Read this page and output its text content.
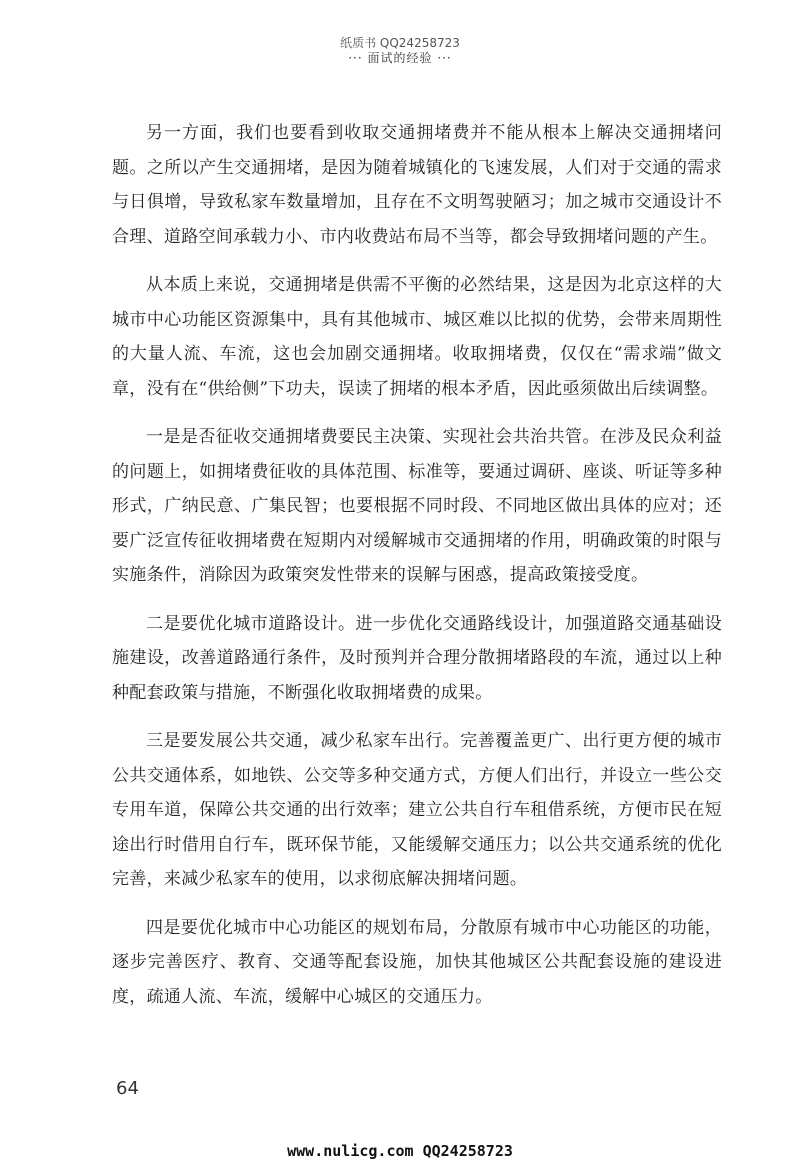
纸质书 QQ24258723
··· 面试的经验 ···

另一方面，我们也要看到收取交通拥堵费并不能从根本上解决交通拥堵问题。之所以产生交通拥堵，是因为随着城镇化的飞速发展，人们对于交通的需求与日俱增，导致私家车数量增加，且存在不文明驾驶陋习；加之城市交通设计不合理、道路空间承载力小、市内收费站布局不当等，都会导致拥堵问题的产生。

从本质上来说，交通拥堵是供需不平衡的必然结果，这是因为北京这样的大城市中心功能区资源集中，具有其他城市、城区难以比拟的优势，会带来周期性的大量人流、车流，这也会加剧交通拥堵。收取拥堵费，仅仅在“需求端”做文章，没有在“供给侧”下功夫，误读了拥堵的根本矛盾，因此亟须做出后续调整。

一是是否征收交通拥堵费要民主决策、实现社会共治共管。在涉及民众利益的问题上，如拥堵费征收的具体范围、标准等，要通过调研、座谈、听证等多种形式，广纳民意、广集民智；也要根据不同时段、不同地区做出具体的应对；还要广泛宣传征收拥堵费在短期内对缓解城市交通拥堵的作用，明确政策的时限与实施条件，消除因为政策突发性带来的误解与困惑，提高政策接受度。

二是要优化城市道路设计。进一步优化交通路线设计，加强道路交通基础设施建设，改善道路通行条件，及时预判并合理分散拥堵路段的车流，通过以上种种配套政策与措施，不断强化收取拥堵费的成果。

三是要发展公共交通，减少私家车出行。完善覆盖更广、出行更方便的城市公共交通体系，如地铁、公交等多种交通方式，方便人们出行，并设立一些公交专用车道，保障公共交通的出行效率；建立公共自行车租借系统，方便市民在短途出行时借用自行车，既环保节能，又能缓解交通压力；以公共交通系统的优化完善，来减少私家车的使用，以求彻底解决拥堵问题。

四是要优化城市中心功能区的规划布局，分散原有城市中心功能区的功能，逐步完善医疗、教育、交通等配套设施，加快其他城区公共配套设施的建设进度，疏通人流、车流，缓解中心城区的交通压力。

64
www.nulicg.com QQ24258723
